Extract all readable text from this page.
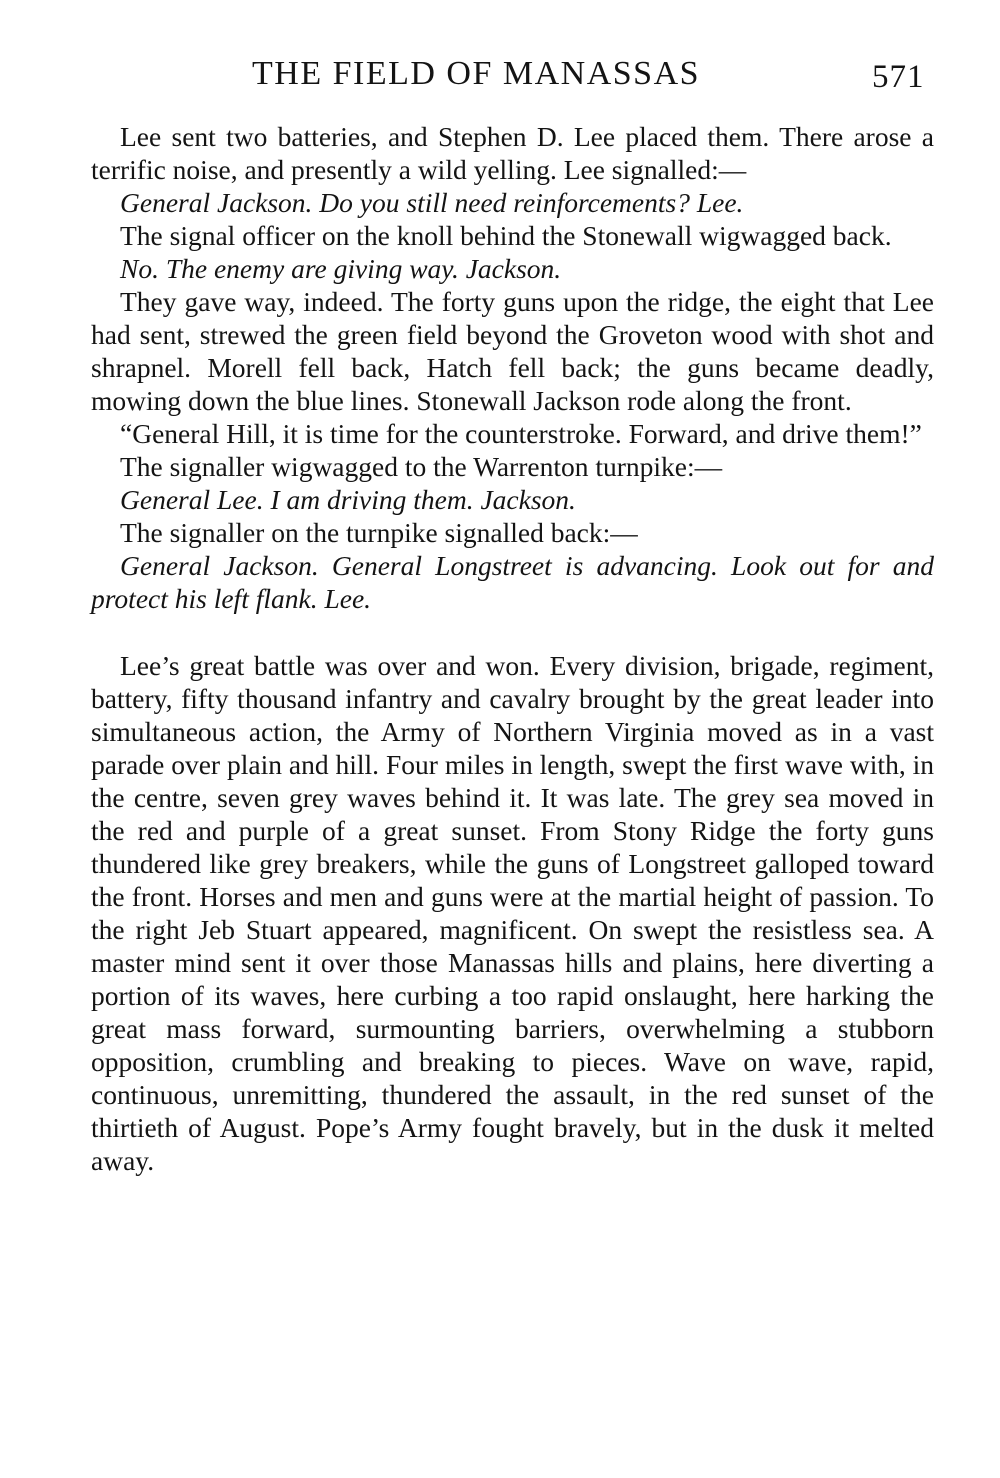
THE FIELD OF MANASSAS	571

Lee sent two batteries, and Stephen D. Lee placed them. There arose a terrific noise, and presently a wild yelling. Lee signalled:—

General Jackson. Do you still need reinforcements? Lee.

The signal officer on the knoll behind the Stonewall wigwagged back.

No. The enemy are giving way. Jackson.

They gave way, indeed. The forty guns upon the ridge, the eight that Lee had sent, strewed the green field beyond the Groveton wood with shot and shrapnel. Morell fell back, Hatch fell back; the guns became deadly, mowing down the blue lines. Stonewall Jackson rode along the front.

“General Hill, it is time for the counterstroke. Forward, and drive them!”

The signaller wigwagged to the Warrenton turnpike:—

General Lee. I am driving them. Jackson.

The signaller on the turnpike signalled back:—

General Jackson. General Longstreet is advancing. Look out for and protect his left flank. Lee.

Lee’s great battle was over and won. Every division, brigade, regiment, battery, fifty thousand infantry and cavalry brought by the great leader into simultaneous action, the Army of Northern Virginia moved as in a vast parade over plain and hill. Four miles in length, swept the first wave with, in the centre, seven grey waves behind it. It was late. The grey sea moved in the red and purple of a great sunset. From Stony Ridge the forty guns thundered like grey breakers, while the guns of Longstreet galloped toward the front. Horses and men and guns were at the martial height of passion. To the right Jeb Stuart appeared, magnificent. On swept the resistless sea. A master mind sent it over those Manassas hills and plains, here diverting a portion of its waves, here curbing a too rapid onslaught, here harking the great mass forward, surmounting barriers, overwhelming a stubborn opposition, crumbling and breaking to pieces. Wave on wave, rapid, continuous, unremitting, thundered the assault, in the red sunset of the thirtieth of August. Pope’s Army fought bravely, but in the dusk it melted away.
